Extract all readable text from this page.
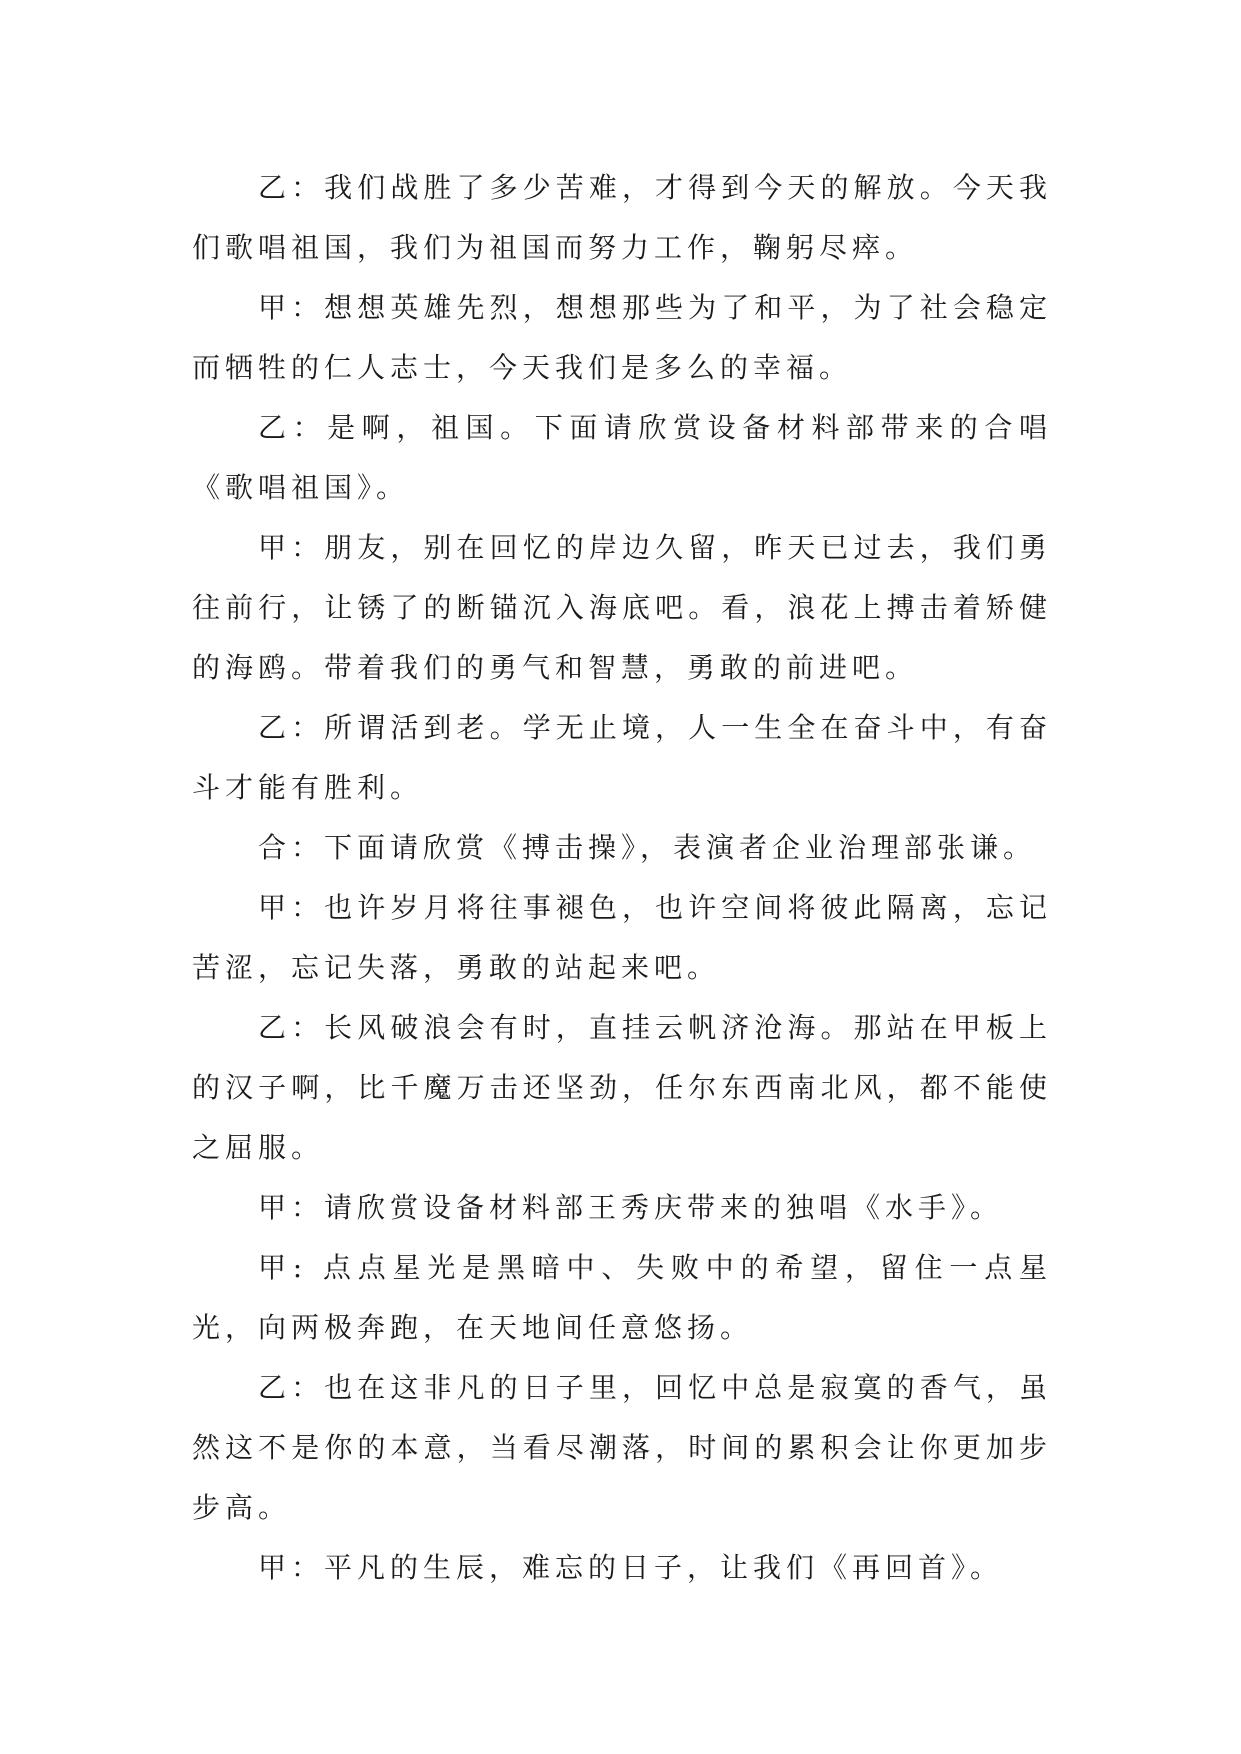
乙：我们战胜了多少苦难，才得到今天的解放。今天我们歌唱祖国，我们为祖国而努力工作，鞠躬尽瘁。

甲：想想英雄先烈，想想那些为了和平，为了社会稳定而牺牲的仁人志士，今天我们是多么的幸福。

乙：是啊，祖国。下面请欣赏设备材料部带来的合唱《歌唱祖国》。

甲：朋友，别在回忆的岸边久留，昨天已过去，我们勇往前行，让锈了的断锚沉入海底吧。看，浪花上搏击着矫健的海鸥。带着我们的勇气和智慧，勇敢的前进吧。

乙：所谓活到老。学无止境，人一生全在奋斗中，有奋斗才能有胜利。

合：下面请欣赏《搏击操》，表演者企业治理部张谦。

甲：也许岁月将往事褪色，也许空间将彼此隔离，忘记苦涩，忘记失落，勇敢的站起来吧。

乙：长风破浪会有时，直挂云帆济沧海。那站在甲板上的汉子啊，比千魔万击还坚劲，任尔东西南北风，都不能使之屈服。

甲：请欣赏设备材料部王秀庆带来的独唱《水手》。

甲: 点点星光是黑暗中、失败中的希望，留住一点星光，向两极奔跑，在天地间任意悠扬。

乙：也在这非凡的日子里，回忆中总是寂寞的香气，虽然这不是你的本意，当看尽潮落，时间的累积会让你更加步步高。

甲：平凡的生辰，难忘的日子，让我们《再回首》。
